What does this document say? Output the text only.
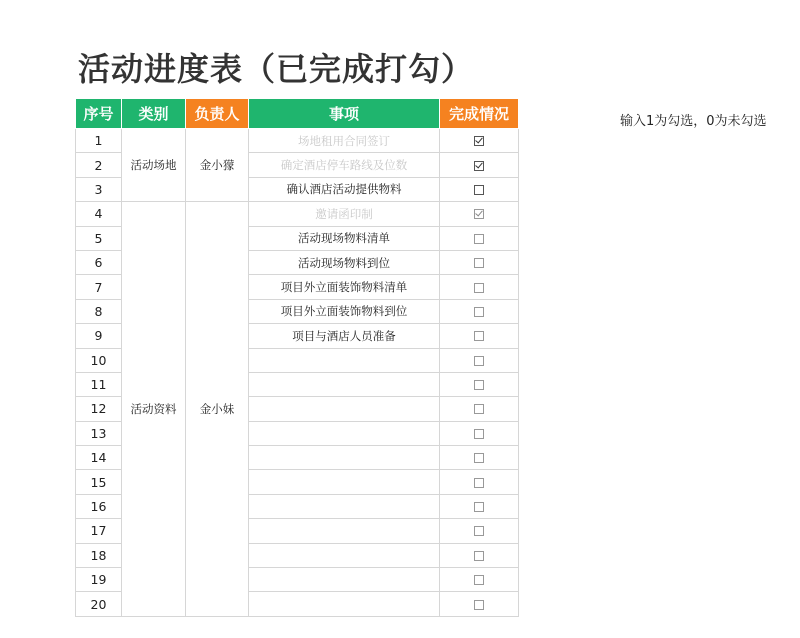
活动进度表（已完成打勾）
输入1为勾选，0为未勾选
序号	类别	负责人	事项	完成情况
1	活动场地	金小獴	场地租用合同签订	
2			确定酒店停车路线及位数	
3			确认酒店活动提供物料	
4	活动资料	金小妹	邀请函印制	
5			活动现场物料清单	
6			活动现场物料到位	
7			项目外立面装饰物料清单	
8			项目外立面装饰物料到位	
9			项目与酒店人员准备	
10				
11				
12				
13				
14				
15				
16				
17				
18				
19				
20				
